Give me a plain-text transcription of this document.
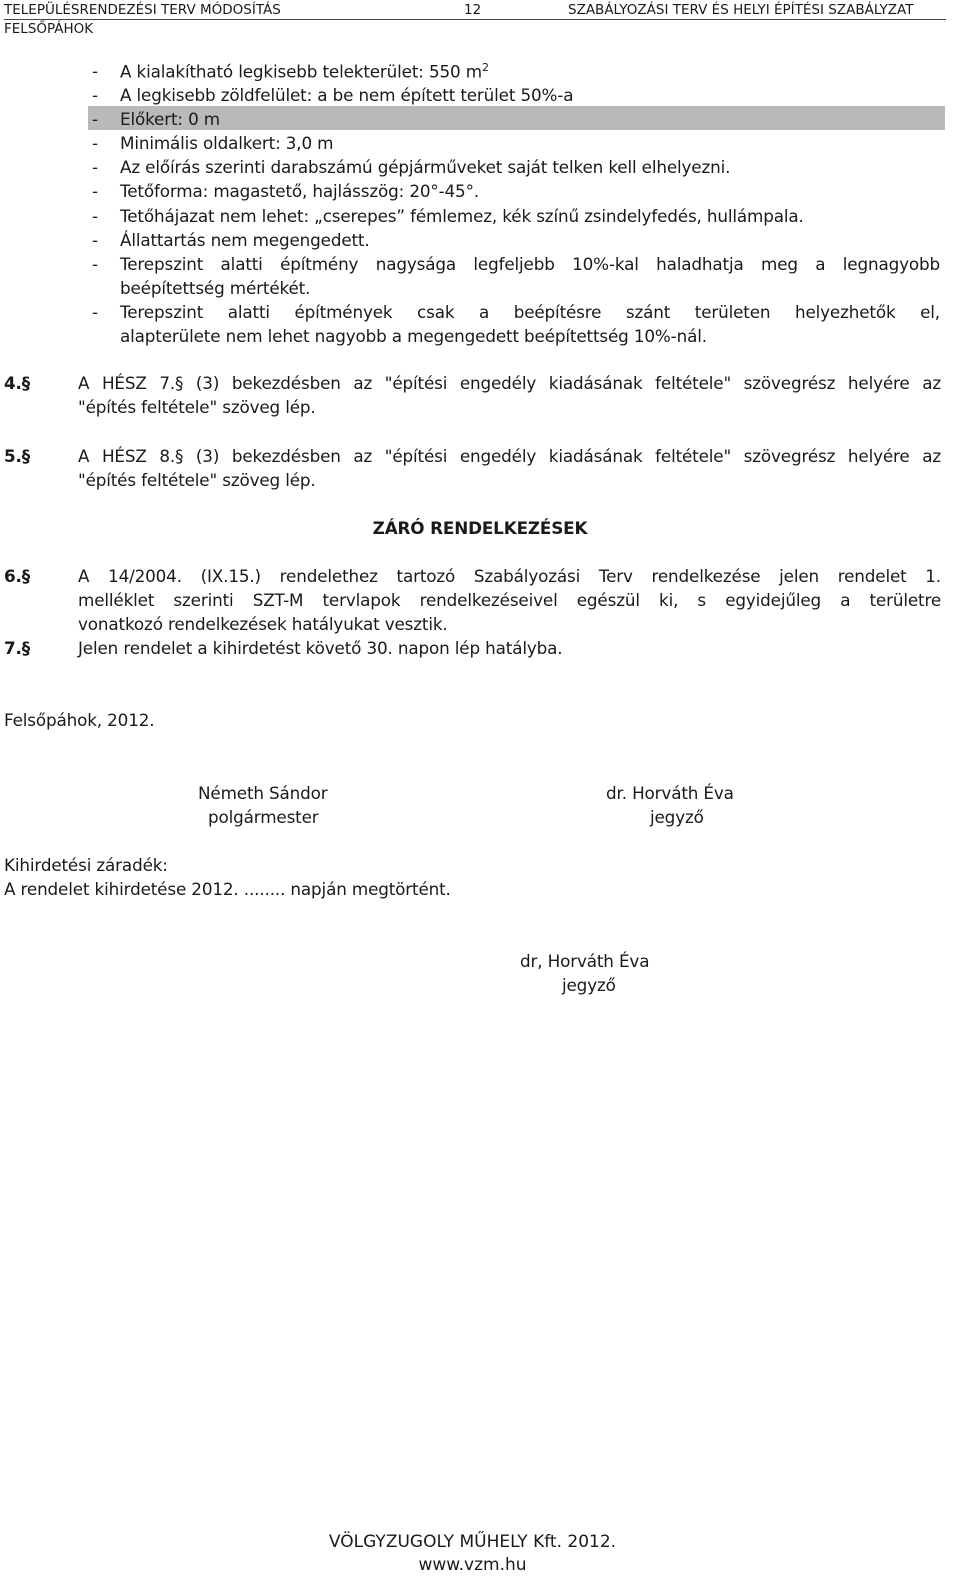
TELEPÜLÉSRENDEZÉSI TERV MÓDOSÍTÁS	12	SZABÁLYOZÁSI TERV ÉS HELYI ÉPÍTÉSI SZABÁLYZAT
FELSŐPÁHOK
- A kialakítható legkisebb telekterület: 550 $m^2$
- A legkisebb zöldfelület: a be nem épített terület 50%-a
- Előkert: 0 m
- Minimális oldalkert: 3,0 m
- Az előírás szerinti darabszámú gépjárműveket saját telken kell elhelyezni.
- Tetőforma: magastető, hajlásszög: 20°-45°.
- Tetőhájazat nem lehet: „cserepes” fémlemez, kék színű zsindelyfedés, hullámpala.
- Állattartás nem megengedett.
- Terepszint alatti építmény nagysága legfeljebb 10%-kal haladhatja meg a legnagyobb
beépítettség mértékét.
- Terepszint alatti építmények csak a beépítésre szánt területen helyezhetők el,
alapterülete nem lehet nagyobb a megengedett beépítettség 10%-nál.
4.§	A HÉSZ 7.§ (3) bekezdésben az "építési engedély kiadásának feltétele" szövegrész helyére az
"építés feltétele" szöveg lép.
5.§	A HÉSZ 8.§ (3) bekezdésben az "építési engedély kiadásának feltétele" szövegrész helyére az
"építés feltétele" szöveg lép.
ZÁRÓ RENDELKEZÉSEK
6.§	A 14/2004. (IX.15.) rendelethez tartozó Szabályozási Terv rendelkezése jelen rendelet 1.
melléklet szerinti SZT-M tervlapok rendelkezéseivel egészül ki, s egyidejűleg a területre
vonatkozó rendelkezések hatályukat vesztik.
7.§	Jelen rendelet a kihirdetést követő 30. napon lép hatályba.
Felsőpáhok, 2012.
Németh Sándor
polgármester
dr. Horváth Éva
jegyző
Kihirdetési záradék:
A rendelet kihirdetése 2012. ........ napján megtörtént.
dr, Horváth Éva
jegyző
VÖLGYZUGOLY MŰHELY Kft. 2012.
www.vzm.hu
